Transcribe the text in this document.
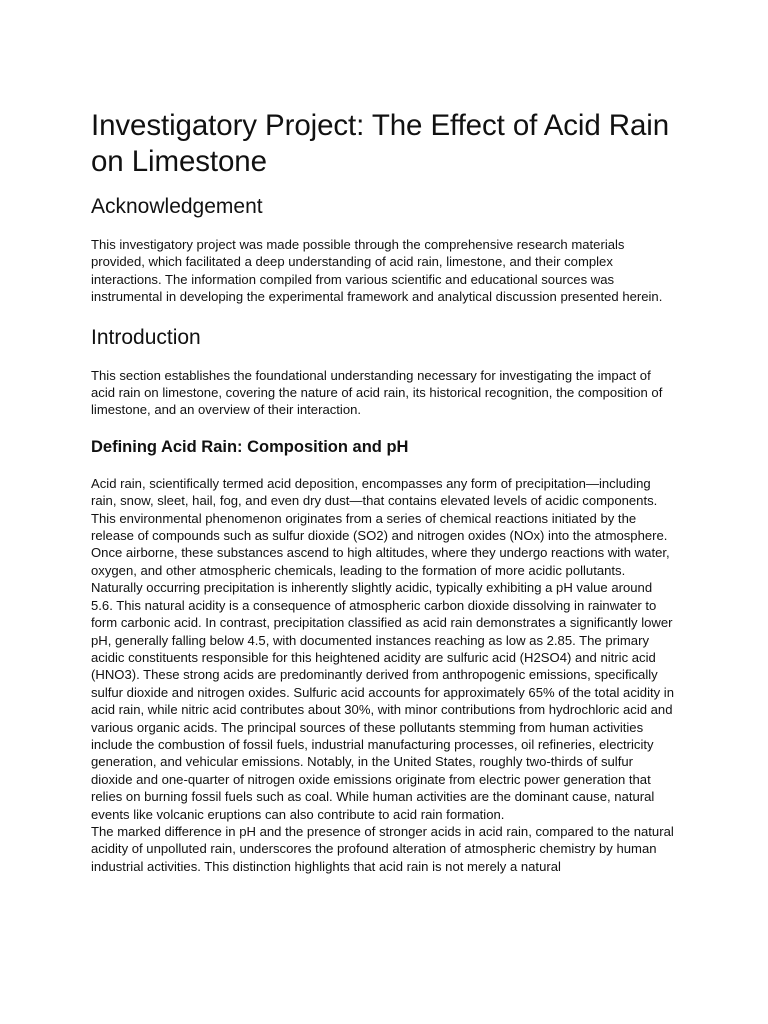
Investigatory Project: The Effect of Acid Rain on Limestone
Acknowledgement

This investigatory project was made possible through the comprehensive research materials provided, which facilitated a deep understanding of acid rain, limestone, and their complex interactions. The information compiled from various scientific and educational sources was instrumental in developing the experimental framework and analytical discussion presented herein.

Introduction

This section establishes the foundational understanding necessary for investigating the impact of acid rain on limestone, covering the nature of acid rain, its historical recognition, the composition of limestone, and an overview of their interaction.

Defining Acid Rain: Composition and pH

Acid rain, scientifically termed acid deposition, encompasses any form of precipitation—including rain, snow, sleet, hail, fog, and even dry dust—that contains elevated levels of acidic components. This environmental phenomenon originates from a series of chemical reactions initiated by the release of compounds such as sulfur dioxide (SO2) and nitrogen oxides (NOx) into the atmosphere. Once airborne, these substances ascend to high altitudes, where they undergo reactions with water, oxygen, and other atmospheric chemicals, leading to the formation of more acidic pollutants.

Naturally occurring precipitation is inherently slightly acidic, typically exhibiting a pH value around 5.6. This natural acidity is a consequence of atmospheric carbon dioxide dissolving in rainwater to form carbonic acid. In contrast, precipitation classified as acid rain demonstrates a significantly lower pH, generally falling below 4.5, with documented instances reaching as low as 2.85. The primary acidic constituents responsible for this heightened acidity are sulfuric acid (H2SO4) and nitric acid (HNO3). These strong acids are predominantly derived from anthropogenic emissions, specifically sulfur dioxide and nitrogen oxides. Sulfuric acid accounts for approximately 65% of the total acidity in acid rain, while nitric acid contributes about 30%, with minor contributions from hydrochloric acid and various organic acids. The principal sources of these pollutants stemming from human activities include the combustion of fossil fuels, industrial manufacturing processes, oil refineries, electricity generation, and vehicular emissions. Notably, in the United States, roughly two-thirds of sulfur dioxide and one-quarter of nitrogen oxide emissions originate from electric power generation that relies on burning fossil fuels such as coal. While human activities are the dominant cause, natural events like volcanic eruptions can also contribute to acid rain formation.

The marked difference in pH and the presence of stronger acids in acid rain, compared to the natural acidity of unpolluted rain, underscores the profound alteration of atmospheric chemistry by human industrial activities. This distinction highlights that acid rain is not merely a natural
